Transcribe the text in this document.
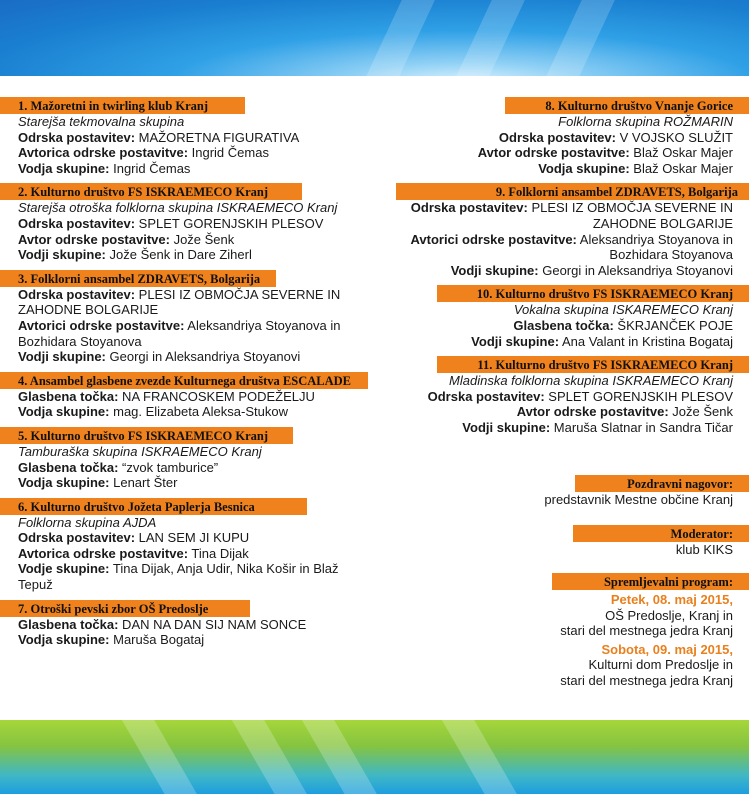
1. Mažoretni in twirling klub Kranj
Starejša tekmovalna skupina
Odrska postavitev: MAŽORETNA FIGURATIVA
Avtorica odrske postavitve: Ingrid Čemas
Vodja skupine: Ingrid Čemas
2. Kulturno društvo FS ISKRAEMECO Kranj
Starejša otroška folklorna skupina ISKRAEMECO Kranj
Odrska postavitev: SPLET GORENJSKIH PLESOV
Avtor odrske postavitve: Jože Šenk
Vodji skupine: Jože Šenk in Dare Ziherl
3. Folklorni ansambel ZDRAVETS, Bolgarija
Odrska postavitev: PLESI IZ OBMOČJA SEVERNE IN ZAHODNE BOLGARIJE
Avtorici odrske postavitve: Aleksandriya Stoyanova in Bozhidara Stoyanova
Vodji skupine: Georgi in Aleksandriya Stoyanovi
4. Ansambel glasbene zvezde Kulturnega društva ESCALADE
Glasbena točka: NA FRANCOSKEM PODEŽELJU
Vodja skupine: mag. Elizabeta Aleksa-Stukow
5. Kulturno društvo FS ISKRAEMECO Kranj
Tamburaška skupina ISKRAEMECO Kranj
Glasbena točka: “zvok tamburice”
Vodja skupine: Lenart Šter
6. Kulturno društvo Jožeta Paplerja Besnica
Folklorna skupina AJDA
Odrska postavitev: LAN SEM JI KUPU
Avtorica odrske postavitve: Tina Dijak
Vodje skupine: Tina Dijak, Anja Udir, Nika Košir in Blaž Tepuž
7. Otroški pevski zbor OŠ Predoslje
Glasbena točka: DAN NA DAN SIJ NAM SONCE
Vodja skupine: Maruša Bogataj
8. Kulturno društvo Vnanje Gorice
Folklorna skupina ROŽMARIN
Odrska postavitev: V VOJSKO SLUŽIT
Avtor odrske postavitve: Blaž Oskar Majer
Vodja skupine: Blaž Oskar Majer
9. Folklorni ansambel ZDRAVETS, Bolgarija
Odrska postavitev: PLESI IZ OBMOČJA SEVERNE IN ZAHODNE BOLGARIJE
Avtorici odrske postavitve: Aleksandriya Stoyanova in Bozhidara Stoyanova
Vodji skupine: Georgi in Aleksandriya Stoyanovi
10. Kulturno društvo FS ISKRAEMECO Kranj
Vokalna skupina ISKAREMECO Kranj
Glasbena točka: ŠKRJANČEK POJE
Vodji skupine: Ana Valant in Kristina Bogataj
11. Kulturno društvo FS ISKRAEMECO Kranj
Mladinska folklorna skupina ISKRAEMECO Kranj
Odrska postavitev: SPLET GORENJSKIH PLESOV
Avtor odrske postavitve: Jože Šenk
Vodji skupine: Maruša Slatnar in Sandra Tičar
Pozdravni nagovor:
predstavnik Mestne občine Kranj
Moderator:
klub KIKS
Spremljevalni program:
Petek, 08. maj 2015,
OŠ Predoslje, Kranj in
stari del mestnega jedra Kranj
Sobota, 09. maj 2015,
Kulturni dom Predoslje in
stari del mestnega jedra Kranj
